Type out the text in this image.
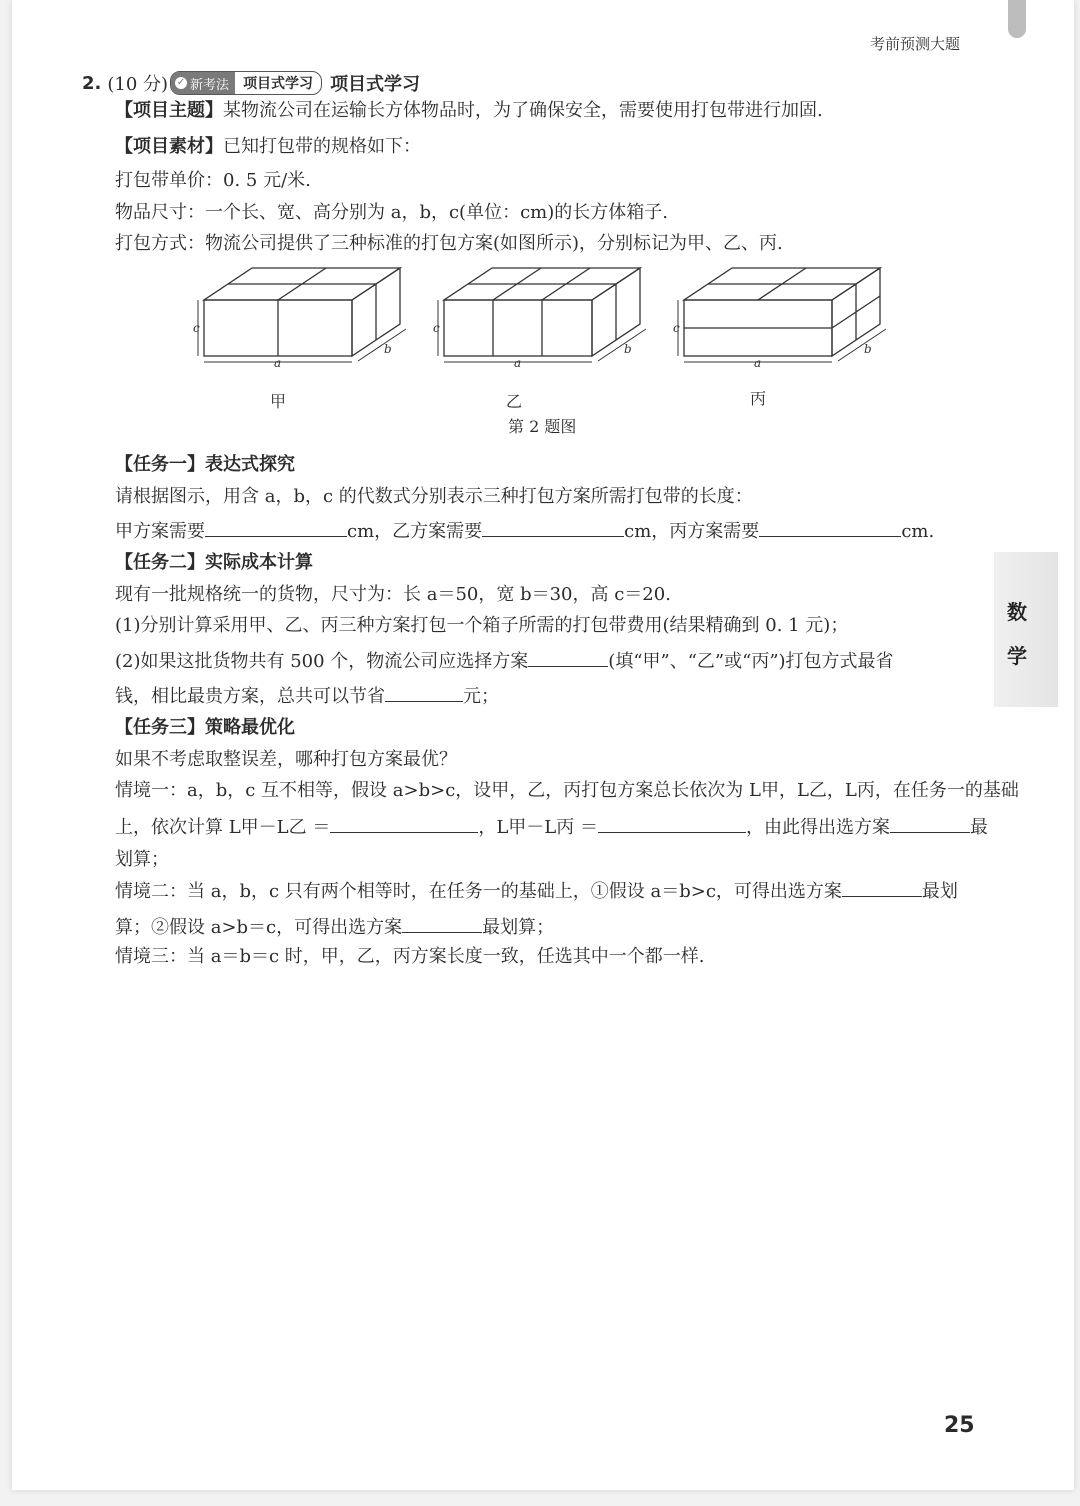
考前预测大题
2. (10 分) ✓ 新考法	项目式学习 项目式学习
【项目主题】某物流公司在运输长方体物品时，为了确保安全，需要使用打包带进行加固.
【项目素材】已知打包带的规格如下：
打包带单价：0. 5 元/米.
物品尺寸：一个长、宽、高分别为 a，b，c(单位：cm)的长方体箱子.
打包方式：物流公司提供了三种标准的打包方案(如图所示)，分别标记为甲、乙、丙.
c
a
b
c
a
b
c
a
b
甲	乙	丙
第 2 题图
【任务一】表达式探究
请根据图示，用含 a，b，c 的代数式分别表示三种打包方案所需打包带的长度：
甲方案需要	cm，乙方案需要	cm，丙方案需要	cm.
【任务二】实际成本计算
现有一批规格统一的货物，尺寸为：长 a＝50，宽 b＝30，高 c＝20.
(1)分别计算采用甲、乙、丙三种方案打包一个箱子所需的打包带费用(结果精确到 0. 1 元)；
(2)如果这批货物共有 500 个，物流公司应选择方案	(填“甲”、“乙”或“丙”)打包方式最省
钱，相比最贵方案，总共可以节省	元；
【任务三】策略最优化
如果不考虑取整误差，哪种打包方案最优？
情境一：a，b，c 互不相等，假设 a>b>c，设甲，乙，丙打包方案总长依次为 L甲，L乙，L丙，在任务一的基础
上，依次计算 L甲－L乙 ＝	，L甲－L丙 ＝	，由此得出选方案	最
划算；
情境二：当 a，b，c 只有两个相等时，在任务一的基础上，①假设 a＝b>c，可得出选方案	最划
算；②假设 a>b＝c，可得出选方案	最划算；
情境三：当 a＝b＝c 时，甲，乙，丙方案长度一致，任选其中一个都一样.
数
学
25
